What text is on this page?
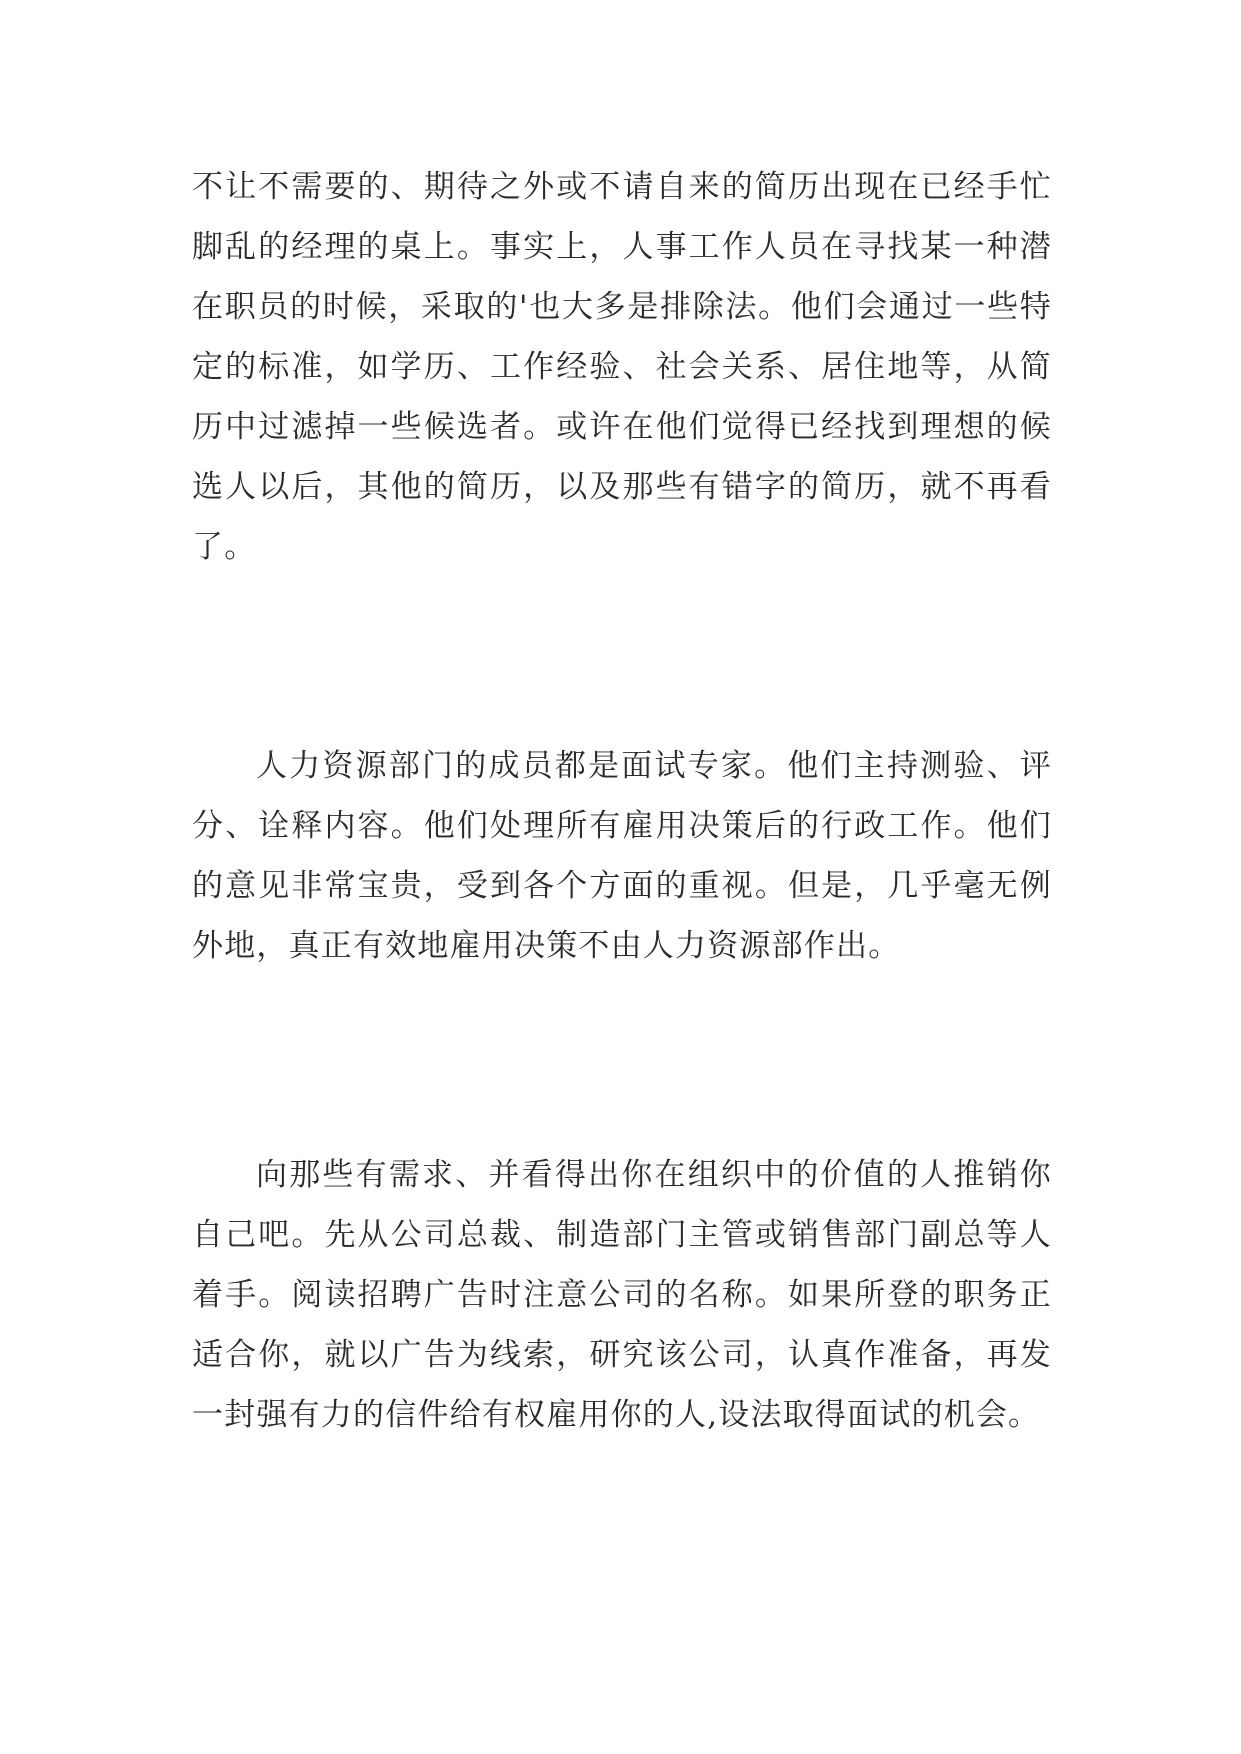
不让不需要的、期待之外或不请自来的简历出现在已经手忙脚乱的经理的桌上。事实上，人事工作人员在寻找某一种潜在职员的时候，采取的'也大多是排除法。他们会通过一些特定的标准，如学历、工作经验、社会关系、居住地等，从简历中过滤掉一些候选者。或许在他们觉得已经找到理想的候选人以后，其他的简历，以及那些有错字的简历，就不再看了。

人力资源部门的成员都是面试专家。他们主持测验、评分、诠释内容。他们处理所有雇用决策后的行政工作。他们的意见非常宝贵，受到各个方面的重视。但是，几乎毫无例外地，真正有效地雇用决策不由人力资源部作出。

向那些有需求、并看得出你在组织中的价值的人推销你自己吧。先从公司总裁、制造部门主管或销售部门副总等人着手。阅读招聘广告时注意公司的名称。如果所登的职务正适合你，就以广告为线索，研究该公司，认真作准备，再发一封强有力的信件给有权雇用你的人,设法取得面试的机会。
